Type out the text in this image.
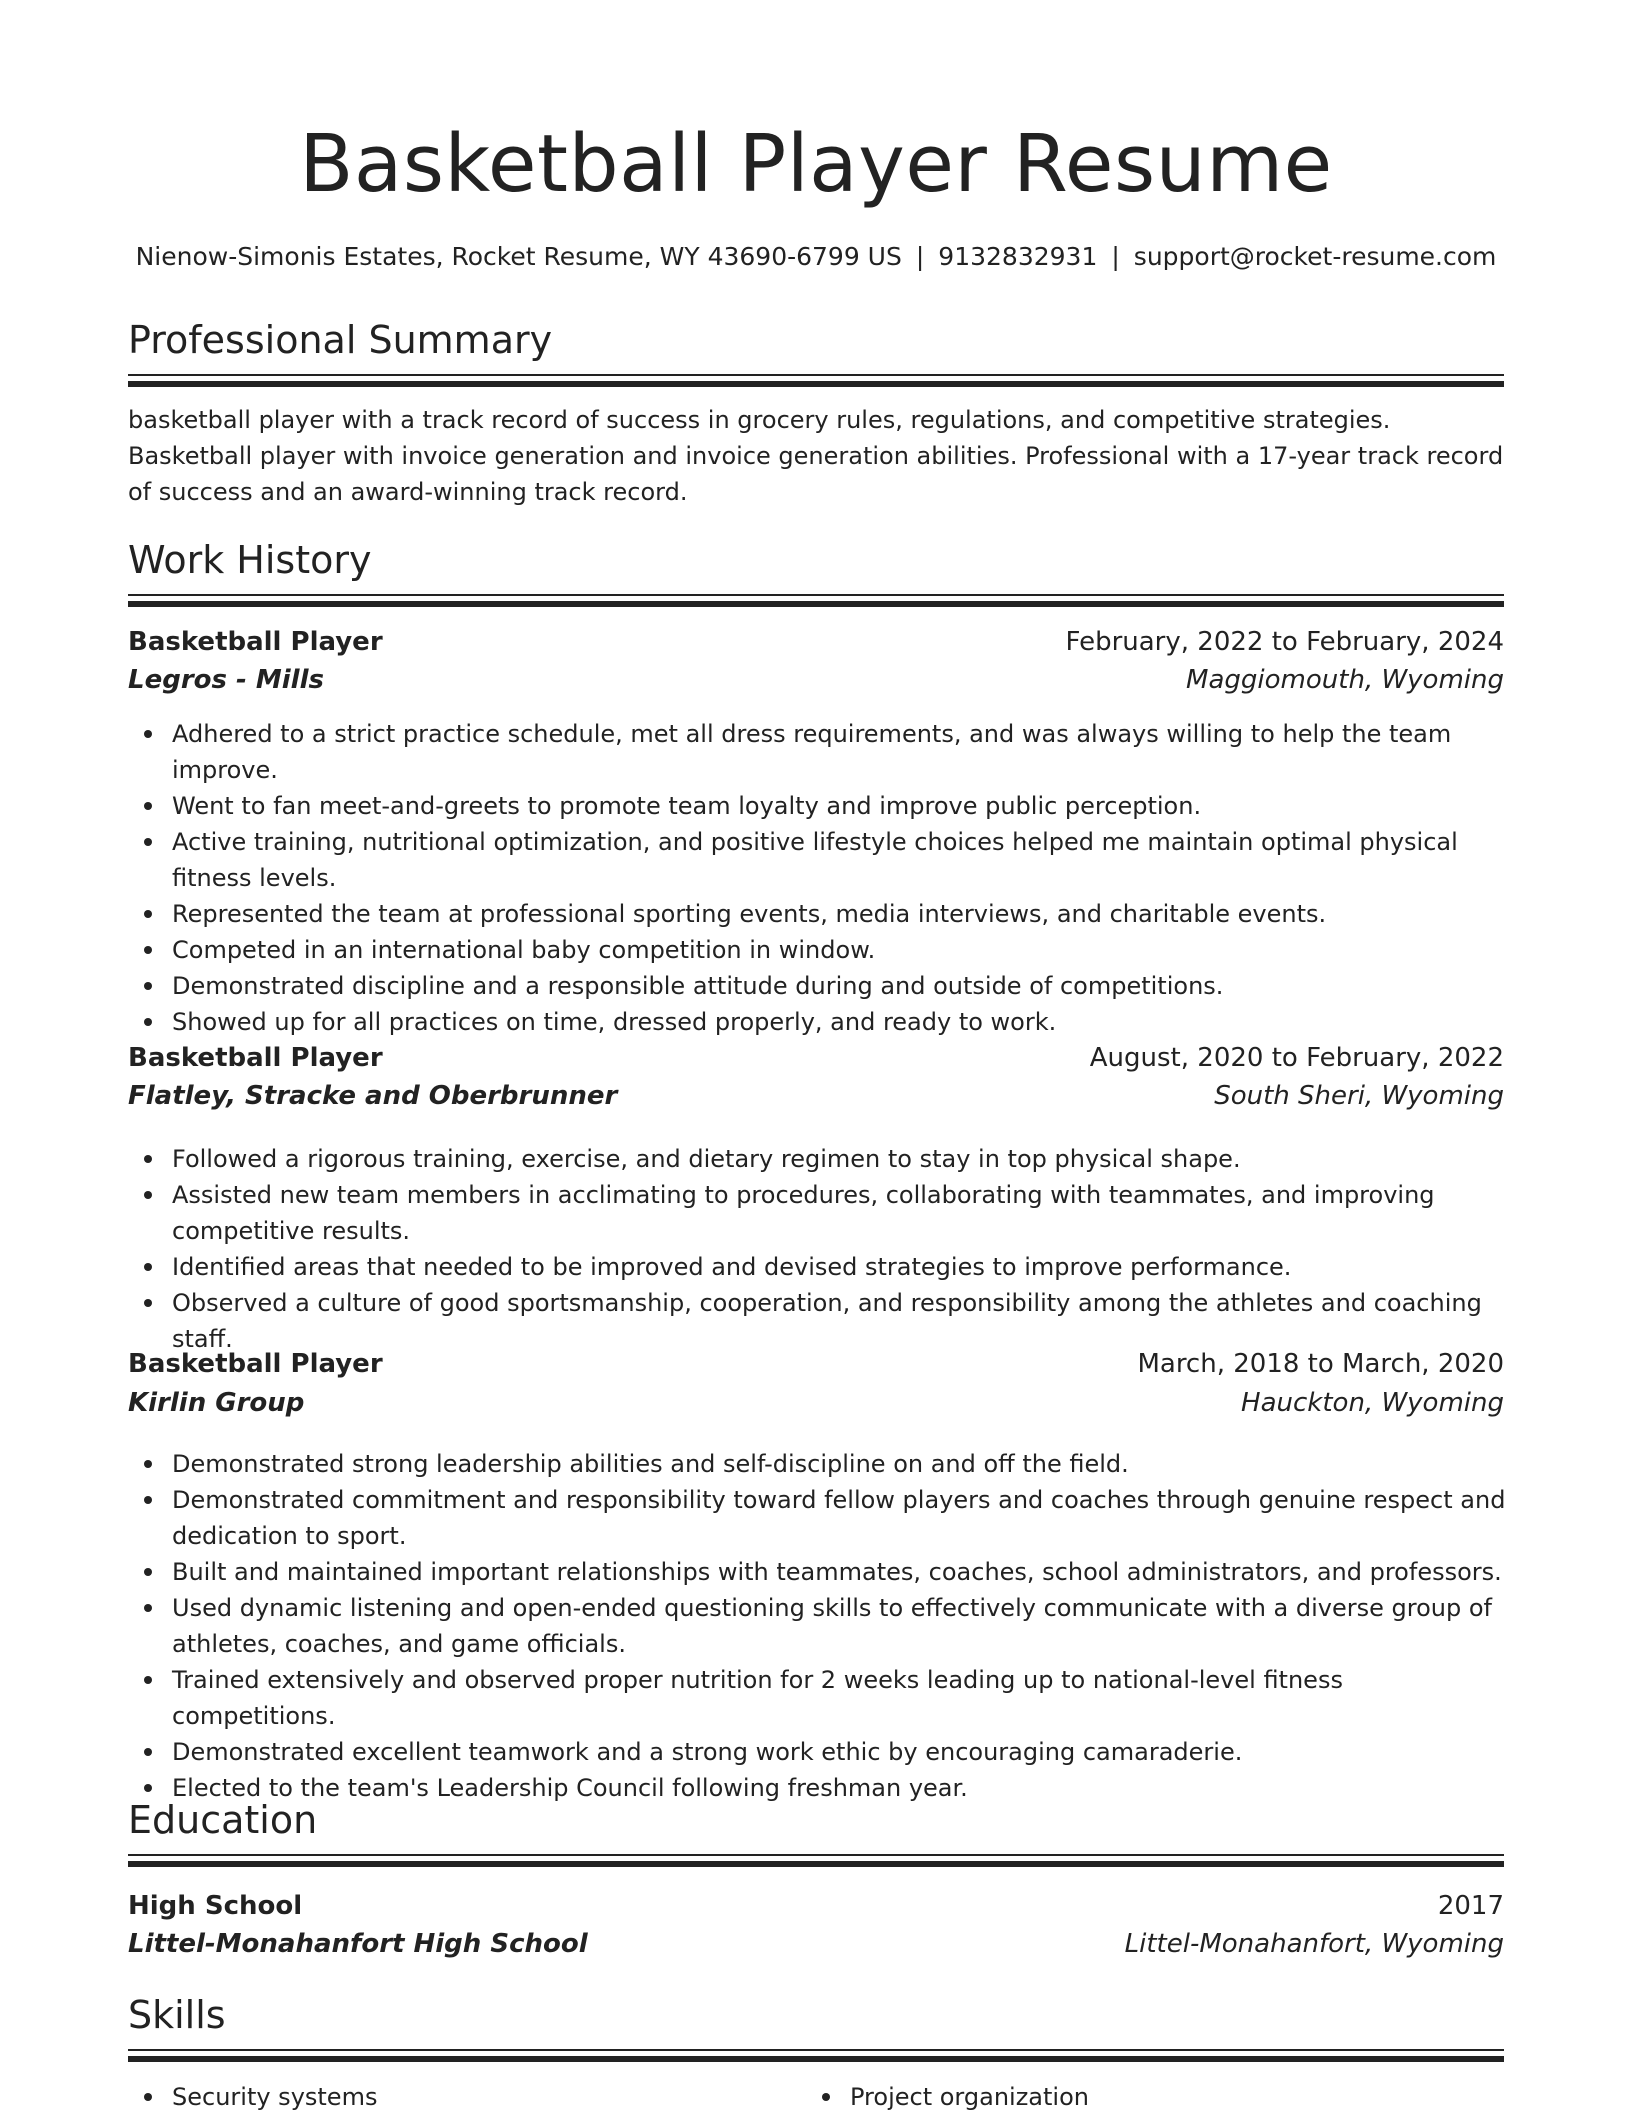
Basketball Player Resume
Nienow-Simonis Estates, Rocket Resume, WY 43690-6799 US | 9132832931 | support@rocket-resume.com
Professional Summary
basketball player with a track record of success in grocery rules, regulations, and competitive strategies. Basketball player with invoice generation and invoice generation abilities. Professional with a 17-year track record of success and an award-winning track record.
Work History
Basketball Player	February, 2022 to February, 2024
Legros - Mills	Maggiomouth, Wyoming
Adhered to a strict practice schedule, met all dress requirements, and was always willing to help the team improve.
Went to fan meet-and-greets to promote team loyalty and improve public perception.
Active training, nutritional optimization, and positive lifestyle choices helped me maintain optimal physical fitness levels.
Represented the team at professional sporting events, media interviews, and charitable events.
Competed in an international baby competition in window.
Demonstrated discipline and a responsible attitude during and outside of competitions.
Showed up for all practices on time, dressed properly, and ready to work.
Basketball Player	August, 2020 to February, 2022
Flatley, Stracke and Oberbrunner	South Sheri, Wyoming
Followed a rigorous training, exercise, and dietary regimen to stay in top physical shape.
Assisted new team members in acclimating to procedures, collaborating with teammates, and improving competitive results.
Identified areas that needed to be improved and devised strategies to improve performance.
Observed a culture of good sportsmanship, cooperation, and responsibility among the athletes and coaching staff.
Basketball Player	March, 2018 to March, 2020
Kirlin Group	Hauckton, Wyoming
Demonstrated strong leadership abilities and self-discipline on and off the field.
Demonstrated commitment and responsibility toward fellow players and coaches through genuine respect and dedication to sport.
Built and maintained important relationships with teammates, coaches, school administrators, and professors.
Used dynamic listening and open-ended questioning skills to effectively communicate with a diverse group of athletes, coaches, and game officials.
Trained extensively and observed proper nutrition for 2 weeks leading up to national-level fitness competitions.
Demonstrated excellent teamwork and a strong work ethic by encouraging camaraderie.
Elected to the team's Leadership Council following freshman year.
Education
High School	2017
Littel-Monahanfort High School	Littel-Monahanfort, Wyoming
Skills
Security systems	Project organization
